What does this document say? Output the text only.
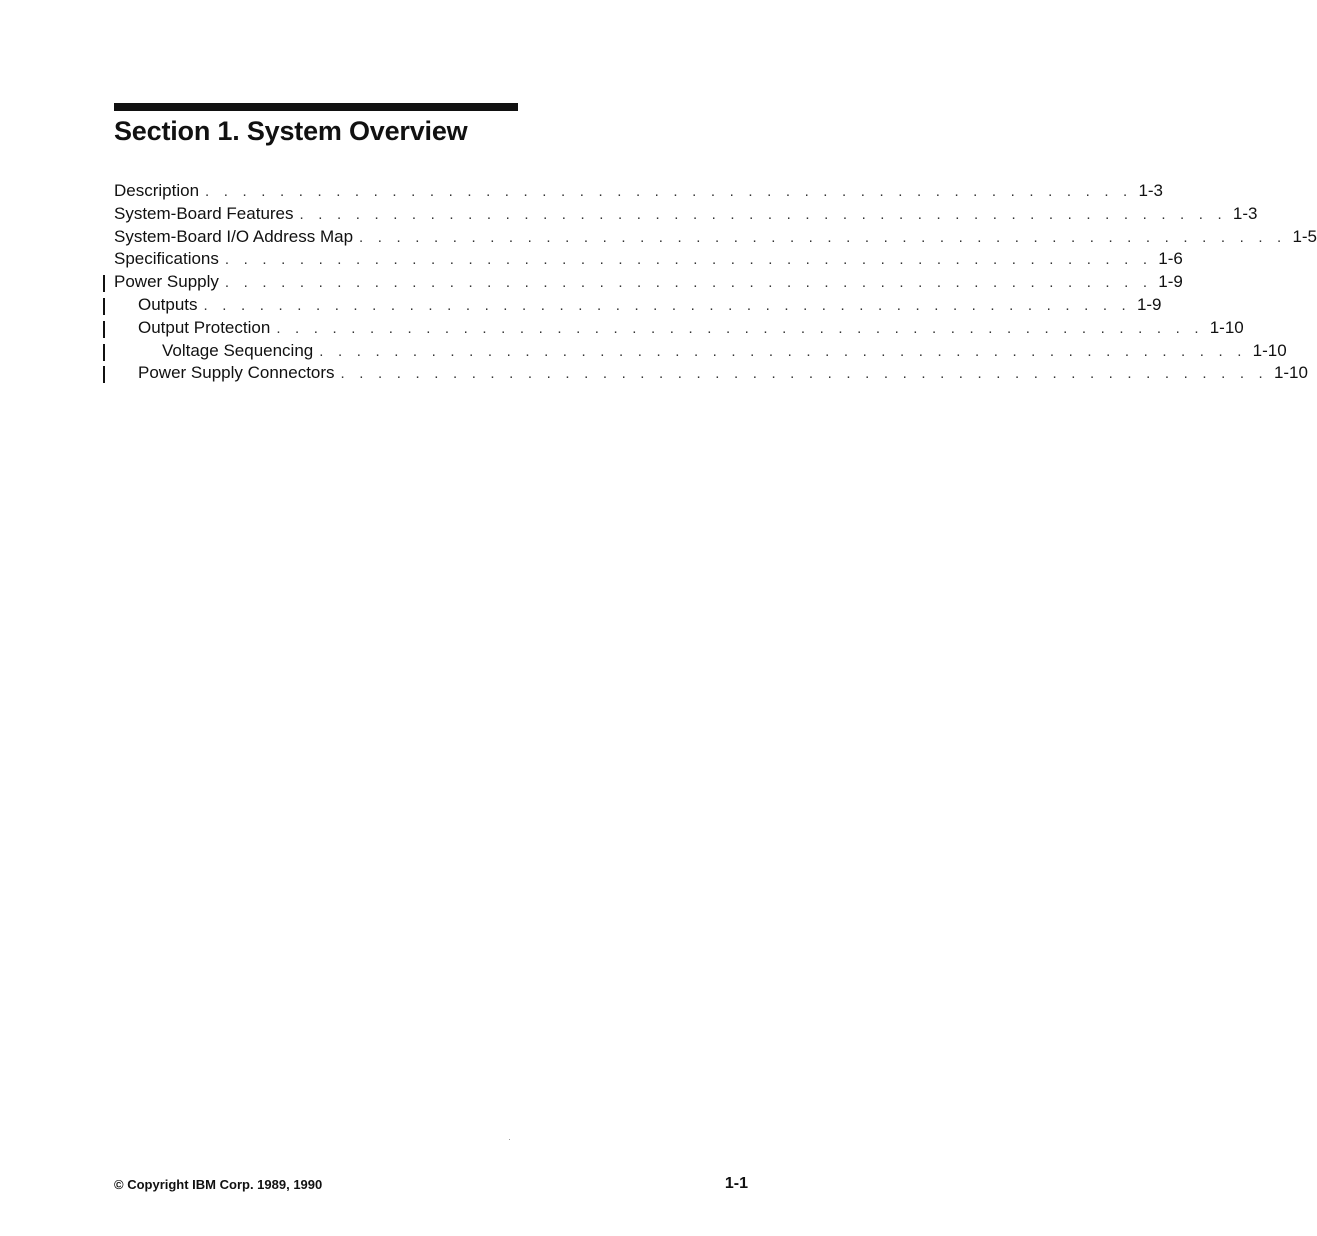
Section 1. System Overview
Description . . . . . . . . . . . . . . . . . . . . . . . . . . . . . . . . . . . . . . . . . . . . . . . . . . 1-3
System-Board Features . . . . . . . . . . . . . . . . . . . . . . . . . . . . . . . . . . . . . . . . . . . . . . . . . . 1-3
System-Board I/O Address Map . . . . . . . . . . . . . . . . . . . . . . . . . . . . . . . . . . . . . . . . . . . . . . . . . . 1-5
Specifications . . . . . . . . . . . . . . . . . . . . . . . . . . . . . . . . . . . . . . . . . . . . . . . . . . 1-6
Power Supply . . . . . . . . . . . . . . . . . . . . . . . . . . . . . . . . . . . . . . . . . . . . . . . . . . 1-9
Outputs . . . . . . . . . . . . . . . . . . . . . . . . . . . . . . . . . . . . . . . . . . . . . . . . . . 1-9
Output Protection . . . . . . . . . . . . . . . . . . . . . . . . . . . . . . . . . . . . . . . . . . . . . . . . . . 1-10
Voltage Sequencing . . . . . . . . . . . . . . . . . . . . . . . . . . . . . . . . . . . . . . . . . . . . . . . . . . 1-10
Power Supply Connectors . . . . . . . . . . . . . . . . . . . . . . . . . . . . . . . . . . . . . . . . . . . . . . . . . . 1-10
© Copyright IBM Corp. 1989, 1990	1-1
